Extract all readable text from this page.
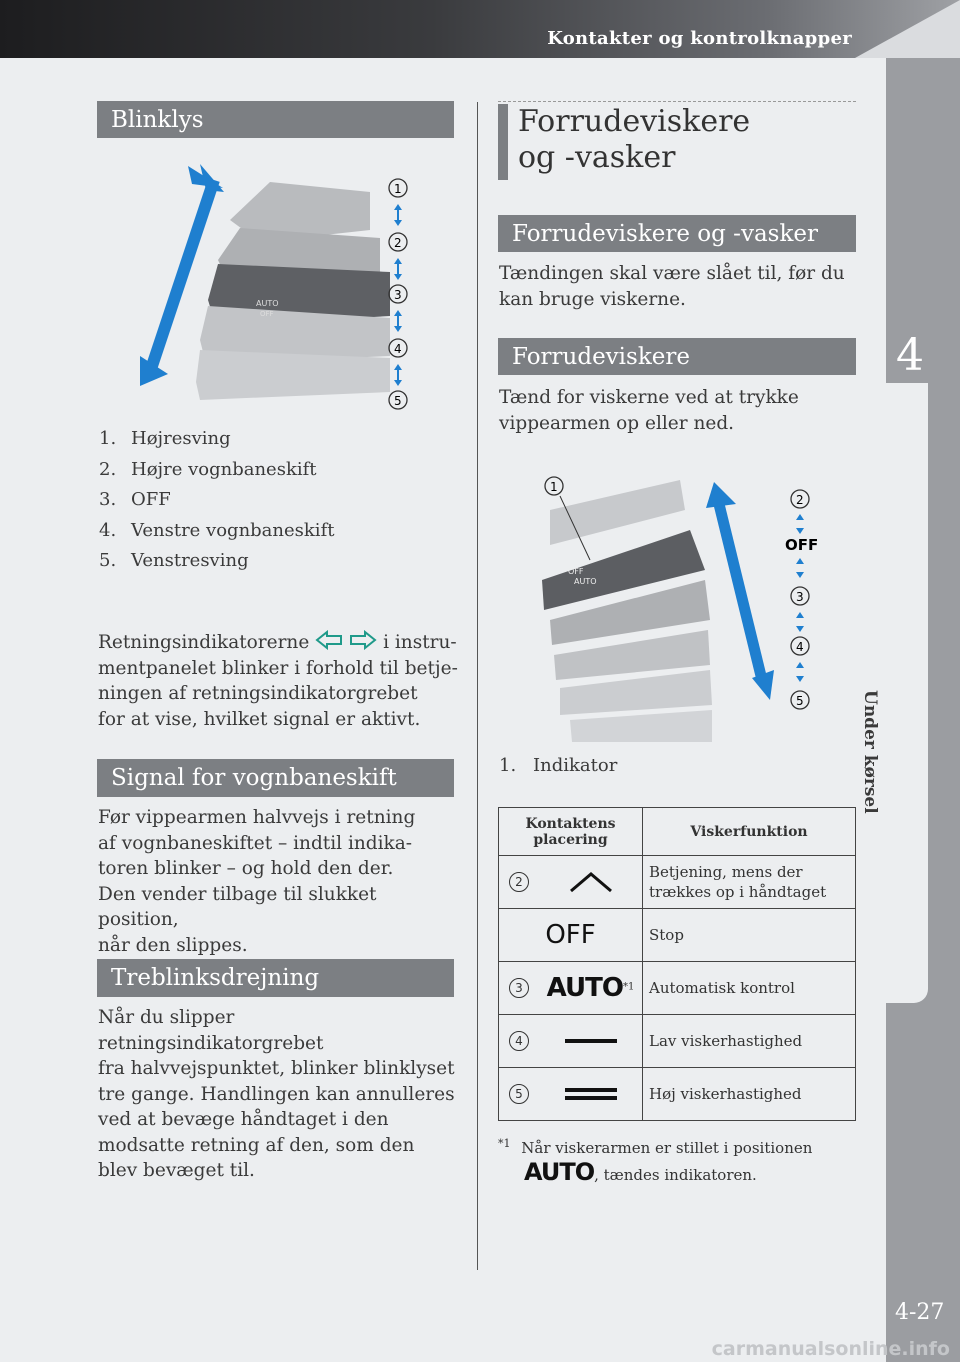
Kontakter og kontrolknapper
4
Under kørsel
4-27
carmanualsonline.info
Blinklys
AUTO
OFF
1
2
3
4
5
1. Højresving
2. Højre vognbaneskift
3. OFF
4. Venstre vognbaneskift
5. Venstresving
Retningsindikatorerne	i instru-
mentpanelet blinker i forhold til betje-
ningen af retningsindikatorgrebet
for at vise, hvilket signal er aktivt.
Signal for vognbaneskift
Før vippearmen halvvejs i retning
af vognbaneskiftet – indtil indika-
toren blinker – og hold den der.
Den vender tilbage til slukket position,
når den slippes.
Treblinksdrejning
Når du slipper retningsindikatorgrebet
fra halvvejspunktet, blinker blinklyset
tre gange. Handlingen kan annulleres
ved at bevæge håndtaget i den
modsatte retning af den, som den
blev bevæget til.
Forrudeviskere
og -vasker
Forrudeviskere og -vasker
Tændingen skal være slået til, før du
kan bruge viskerne.
Forrudeviskere
Tænd for viskerne ved at trykke
vippearmen op eller ned.
OFF
AUTO
1
2
OFF
3
4
5
1. Indikator
Kontaktens placering	Viskerfunktion

2	Betjening, mens der
trækkes op i håndtaget

OFF	Stop

3 AUTO$^{*1}$	Automatisk kontrol

4	Lav viskerhastighed

5	Høj viskerhastighed
$^{*1}$ Når viskerarmen er stillet i positionen
AUTO, tændes indikatoren.
